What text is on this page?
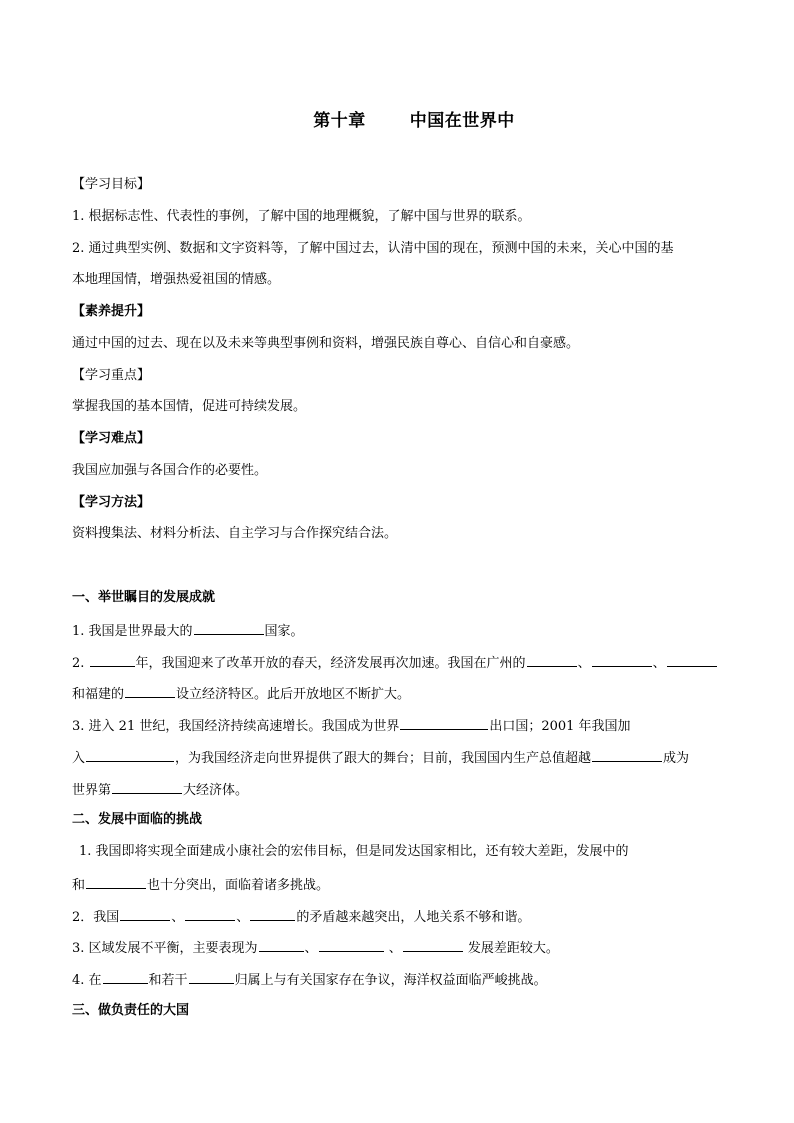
第十章	中国在世界中
【学习目标】
1. 根据标志性、代表性的事例，了解中国的地理概貌，了解中国与世界的联系。
2. 通过典型实例、数据和文字资料等，了解中国过去，认清中国的现在，预测中国的未来，关心中国的基
本地理国情，增强热爱祖国的情感。
【素养提升】
通过中国的过去、现在以及未来等典型事例和资料，增强民族自尊心、自信心和自豪感。
【学习重点】
掌握我国的基本国情，促进可持续发展。
【学习难点】
我国应加强与各国合作的必要性。
【学习方法】
资料搜集法、材料分析法、自主学习与合作探究结合法。
一、举世瞩目的发展成就
1. 我国是世界最大的	国家。
2.	年，我国迎来了改革开放的春天，经济发展再次加速。我国在广州的	、	、
和福建的	设立经济特区。此后开放地区不断扩大。
3. 进入 21 世纪，我国经济持续高速增长。我国成为世界	出口国；2001 年我国加
入	，为我国经济走向世界提供了跟大的舞台；目前，我国国内生产总值超越	成为
世界第	大经济体。
二、发展中面临的挑战
1. 我国即将实现全面建成小康社会的宏伟目标，但是同发达国家相比，还有较大差距，发展中的
和	也十分突出，面临着诸多挑战。
2．我国	、	、	的矛盾越来越突出，人地关系不够和谐。
3. 区域发展不平衡，主要表现为	、	、	发展差距较大。
4. 在	和若干	归属上与有关国家存在争议，海洋权益面临严峻挑战。
三、做负责任的大国
